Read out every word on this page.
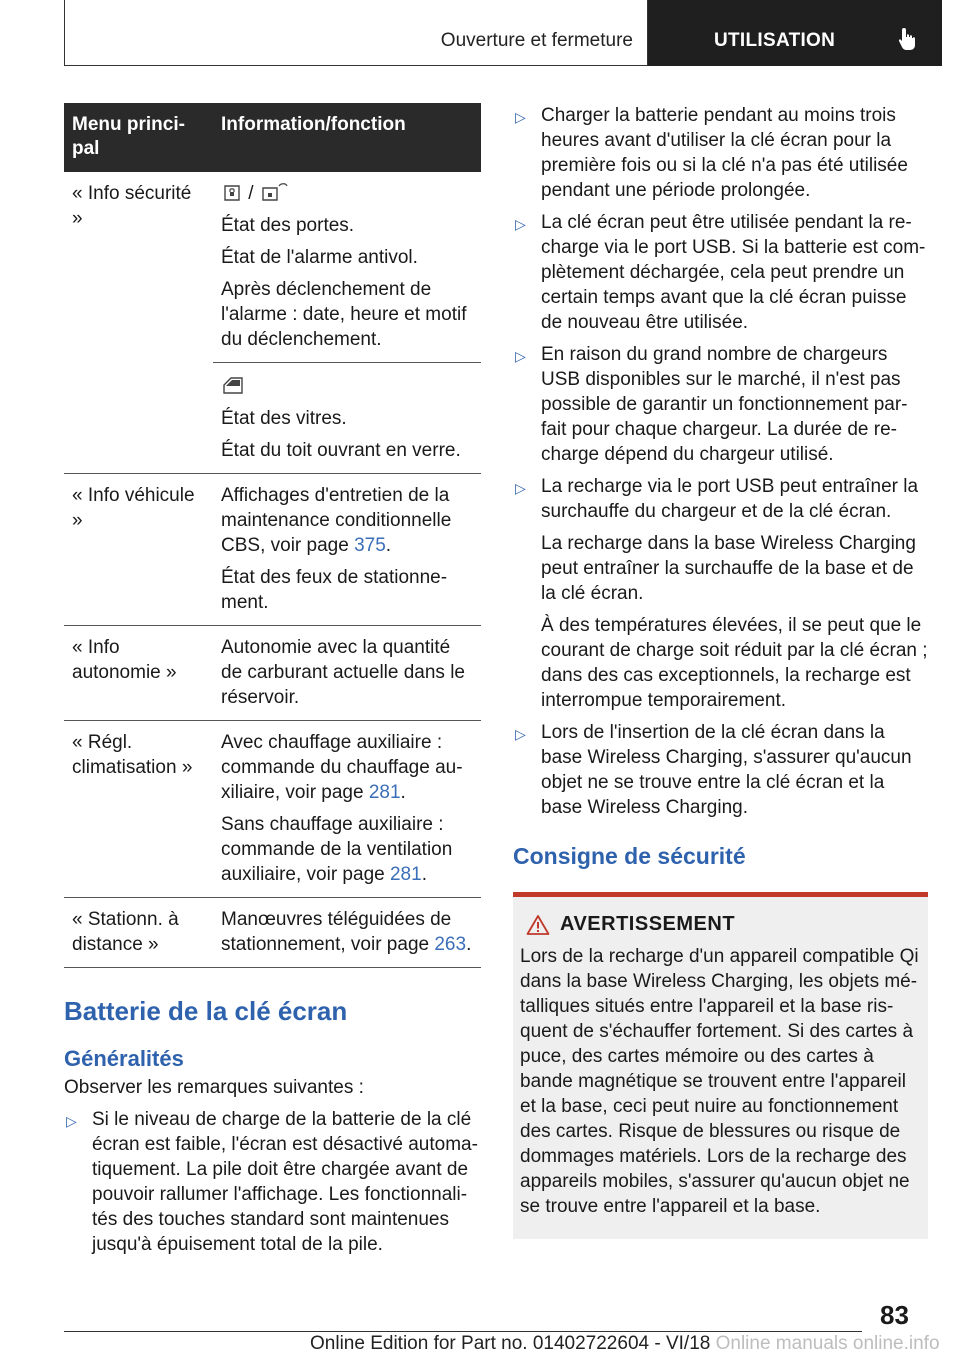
Ouverture et fermeture	UTILISATION
Menu princi-pal	Information/fonction
« Info sécurité »	/

État des portes.

État de l'alarme antivol.

Après déclenchement de l'alarme : date, heure et motif du déclenchement.

	État des vitres.

État du toit ouvrant en verre.

« Info véhicule »	Affichages d'entretien de la maintenance conditionnelle CBS, voir page 375.

État des feux de stationne-ment.

« Info autonomie »	Autonomie avec la quantité de carburant actuelle dans le réservoir.

« Régl. climatisation »	Avec chauffage auxiliaire : commande du chauffage au-xiliaire, voir page 281.

Sans chauffage auxiliaire : commande de la ventilation auxiliaire, voir page 281.

« Stationn. à distance »	Manœuvres téléguidées de stationnement, voir page 263.

Batterie de la clé écran
Généralités

Observer les remarques suivantes :

▷ Si le niveau de charge de la batterie de la clé écran est faible, l'écran est désactivé automa-tiquement. La pile doit être chargée avant de pouvoir rallumer l'affichage. Les fonctionnali-tés des touches standard sont maintenues jusqu'à épuisement total de la pile.

▷ Charger la batterie pendant au moins trois heures avant d'utiliser la clé écran pour la première fois ou si la clé n'a pas été utilisée pendant une période prolongée.

▷ La clé écran peut être utilisée pendant la re-charge via le port USB. Si la batterie est com-plètement déchargée, cela peut prendre un certain temps avant que la clé écran puisse de nouveau être utilisée.

▷ En raison du grand nombre de chargeurs USB disponibles sur le marché, il n'est pas possible de garantir un fonctionnement par-fait pour chaque chargeur. La durée de re-charge dépend du chargeur utilisé.

▷ La recharge via le port USB peut entraîner la surchauffe du chargeur et de la clé écran.

La recharge dans la base Wireless Charging peut entraîner la surchauffe de la base et de la clé écran.

À des températures élevées, il se peut que le courant de charge soit réduit par la clé écran ; dans des cas exceptionnels, la recharge est interrompue temporairement.

▷ Lors de l'insertion de la clé écran dans la base Wireless Charging, s'assurer qu'aucun objet ne se trouve entre la clé écran et la base Wireless Charging.

Consigne de sécurité
AVERTISSEMENT

Lors de la recharge d'un appareil compatible Qi dans la base Wireless Charging, les objets mé-talliques situés entre l'appareil et la base ris-quent de s'échauffer fortement. Si des cartes à puce, des cartes mémoire ou des cartes à bande magnétique se trouvent entre l'appareil et la base, ceci peut nuire au fonctionnement des cartes. Risque de blessures ou risque de dommages matériels. Lors de la recharge des appareils mobiles, s'assurer qu'aucun objet ne se trouve entre l'appareil et la base.

83
Online Edition for Part no. 01402722604 - VI/18 Online manuals online.info
